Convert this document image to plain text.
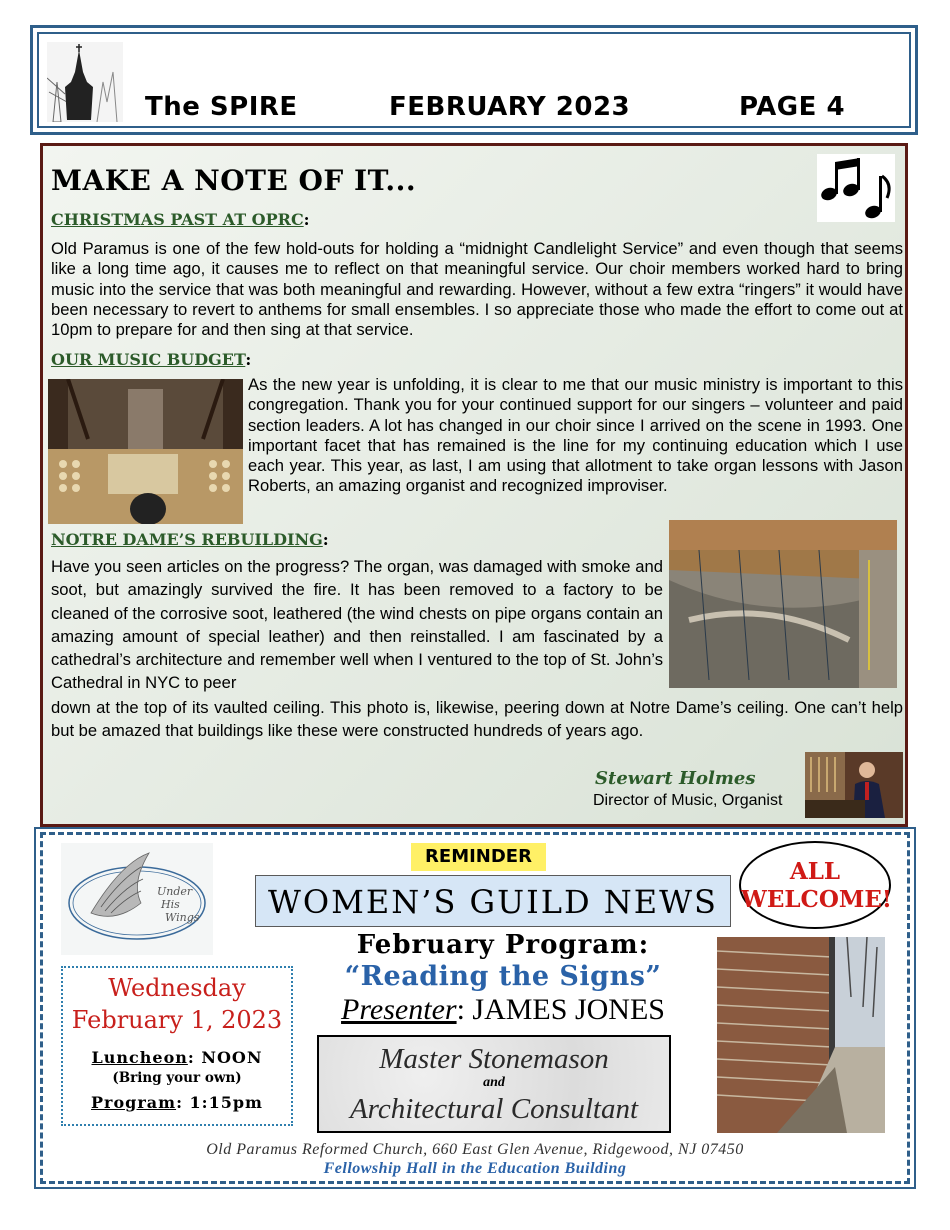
The SPIRE	FEBRUARY 2023	PAGE 4
MAKE A NOTE OF IT...
CHRISTMAS PAST AT OPRC:
Old Paramus is one of the few hold-outs for holding a “midnight Candlelight Service” and even though that seems like a long time ago, it causes me to reflect on that meaningful service. Our choir members worked hard to bring music into the service that was both meaningful and rewarding. However, without a few extra “ringers” it would have been necessary to revert to anthems for small ensembles. I so appreciate those who made the effort to come out at 10pm to prepare for and then sing at that service.
OUR MUSIC BUDGET:
As the new year is unfolding, it is clear to me that our music ministry is important to this congregation. Thank you for your continued support for our singers – volunteer and paid section leaders. A lot has changed in our choir since I arrived on the scene in 1993. One important facet that has remained is the line for my continuing education which I use each year. This year, as last, I am using that allotment to take organ lessons with Jason Roberts, an amazing organist and recognized improviser.
NOTRE DAME’S REBUILDING:
Have you seen articles on the progress? The organ, was damaged with smoke and soot, but amazingly survived the fire. It has been removed to a factory to be cleaned of the corrosive soot, leathered (the wind chests on pipe organs contain an amazing amount of special leather) and then reinstalled. I am fascinated by a cathedral’s architecture and remember well when I ventured to the top of St. John’s Cathedral in NYC to peer
down at the top of its vaulted ceiling. This photo is, likewise, peering down at Notre Dame’s ceiling. One can’t help but be amazed that buildings like these were constructed hundreds of years ago.
Stewart Holmes
Director of Music, Organist
Under His Wings
Wednesday
February 1, 2023
Luncheon: NOON
(Bring your own)
Program: 1:15pm
REMINDER
WOMEN’S GUILD NEWS
ALL
WELCOME!
February Program:
“Reading the Signs”
Presenter: JAMES JONES
Master Stonemason
and
Architectural Consultant
Old Paramus Reformed Church, 660 East Glen Avenue, Ridgewood, NJ 07450
Fellowship Hall in the Education Building
